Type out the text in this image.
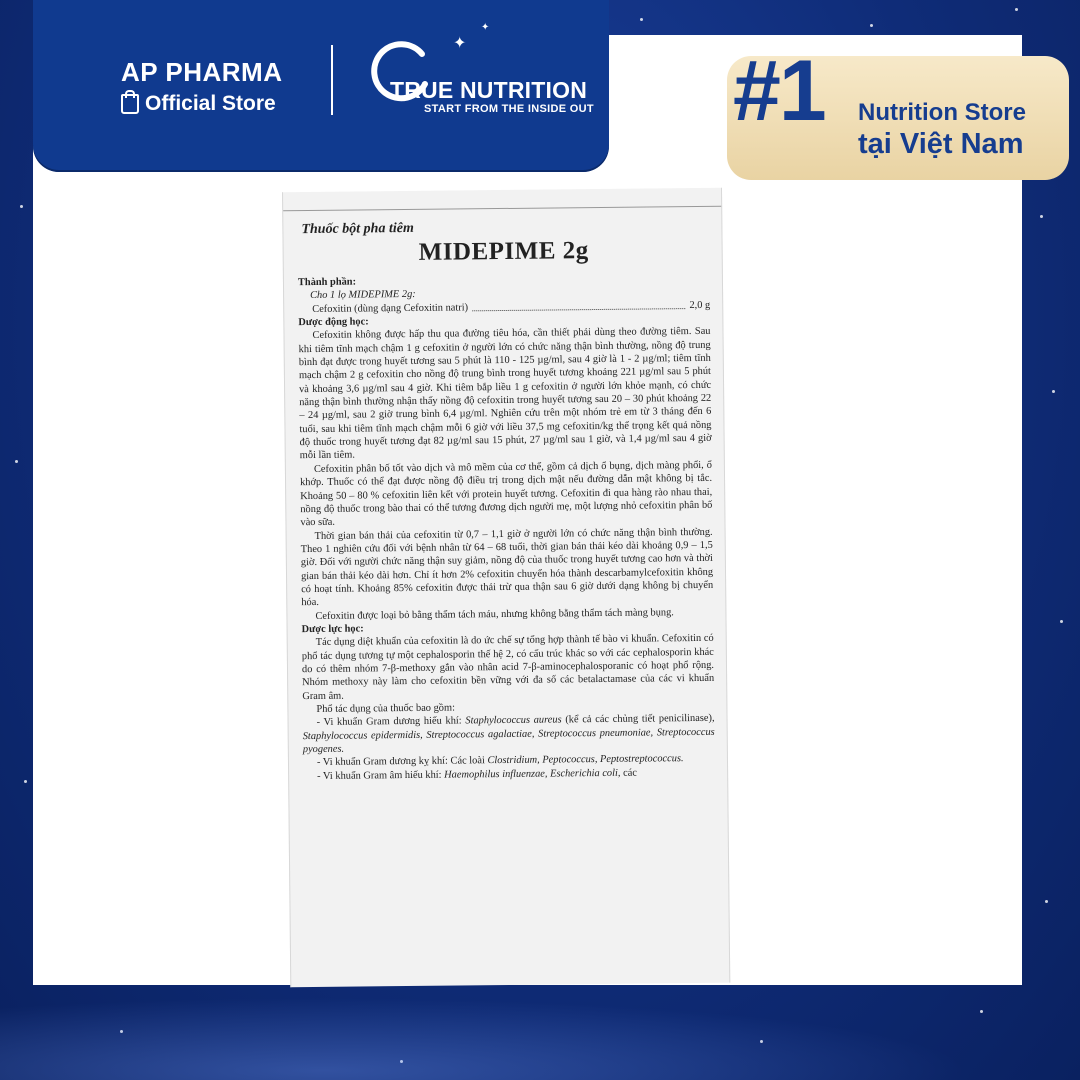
AP PHARMA
Official Store
✦
✦
TRUE NUTRITION
START FROM THE INSIDE OUT #1 Nutrition Store
tại Việt Nam
Thuốc bột pha tiêm
MIDEPIME 2g

Thành phần:

Cho 1 lọ MIDEPIME 2g:

Cefoxitin (dùng dạng Cefoxitin natri)	2,0 g

Dược động học:

Cefoxitin không được hấp thu qua đường tiêu hóa, cần thiết phải dùng theo đường tiêm. Sau khi tiêm tĩnh mạch chậm 1 g cefoxitin ở người lớn có chức năng thận bình thường, nồng độ trung bình đạt được trong huyết tương sau 5 phút là 110 - 125 µg/ml, sau 4 giờ là 1 - 2 µg/ml; tiêm tĩnh mạch chậm 2 g cefoxitin cho nồng độ trung bình trong huyết tương khoảng 221 µg/ml sau 5 phút và khoảng 3,6 µg/ml sau 4 giờ. Khi tiêm bắp liều 1 g cefoxitin ở người lớn khỏe mạnh, có chức năng thận bình thường nhận thấy nồng độ cefoxitin trong huyết tương sau 20 – 30 phút khoảng 22 – 24 µg/ml, sau 2 giờ trung bình 6,4 µg/ml. Nghiên cứu trên một nhóm trẻ em từ 3 tháng đến 6 tuổi, sau khi tiêm tĩnh mạch chậm mỗi 6 giờ với liều 37,5 mg cefoxitin/kg thể trọng kết quả nồng độ thuốc trong huyết tương đạt 82 µg/ml sau 15 phút, 27 µg/ml sau 1 giờ, và 1,4 µg/ml sau 4 giờ mỗi lần tiêm.

Cefoxitin phân bố tốt vào dịch và mô mềm của cơ thể, gồm cả dịch ổ bụng, dịch màng phổi, ổ khớp. Thuốc có thể đạt được nồng độ điều trị trong dịch mật nếu đường dẫn mật không bị tắc. Khoảng 50 – 80 % cefoxitin liên kết với protein huyết tương. Cefoxitin đi qua hàng rào nhau thai, nồng độ thuốc trong bào thai có thể tương đương dịch người mẹ, một lượng nhỏ cefoxitin phân bố vào sữa.

Thời gian bán thải của cefoxitin từ 0,7 – 1,1 giờ ở người lớn có chức năng thận bình thường. Theo 1 nghiên cứu đối với bệnh nhân từ 64 – 68 tuổi, thời gian bán thải kéo dài khoảng 0,9 – 1,5 giờ. Đối với người chức năng thận suy giảm, nồng độ của thuốc trong huyết tương cao hơn và thời gian bán thải kéo dài hơn. Chỉ ít hơn 2% cefoxitin chuyển hóa thành descarbamylcefoxitin không có hoạt tính. Khoảng 85% cefoxitin được thải trừ qua thận sau 6 giờ dưới dạng không bị chuyển hóa.

Cefoxitin được loại bỏ bằng thẩm tách máu, nhưng không bằng thẩm tách màng bụng.

Dược lực học:

Tác dụng diệt khuẩn của cefoxitin là do ức chế sự tổng hợp thành tế bào vi khuẩn. Cefoxitin có phổ tác dụng tương tự một cephalosporin thế hệ 2, có cấu trúc khác so với các cephalosporin khác do có thêm nhóm 7-β-methoxy gắn vào nhân acid 7-β-aminocephalosporanic có hoạt phổ rộng. Nhóm methoxy này làm cho cefoxitin bền vững với đa số các betalactamase của các vi khuẩn Gram âm.

Phổ tác dụng của thuốc bao gồm:

- Vi khuẩn Gram dương hiếu khí: Staphylococcus aureus (kể cả các chủng tiết penicilinase), Staphylococcus epidermidis, Streptococcus agalactiae, Streptococcus pneumoniae, Streptococcus pyogenes.

- Vi khuẩn Gram dương kỵ khí: Các loài Clostridium, Peptococcus, Peptostreptococcus.

- Vi khuẩn Gram âm hiếu khí: Haemophilus influenzae, Escherichia coli, các
